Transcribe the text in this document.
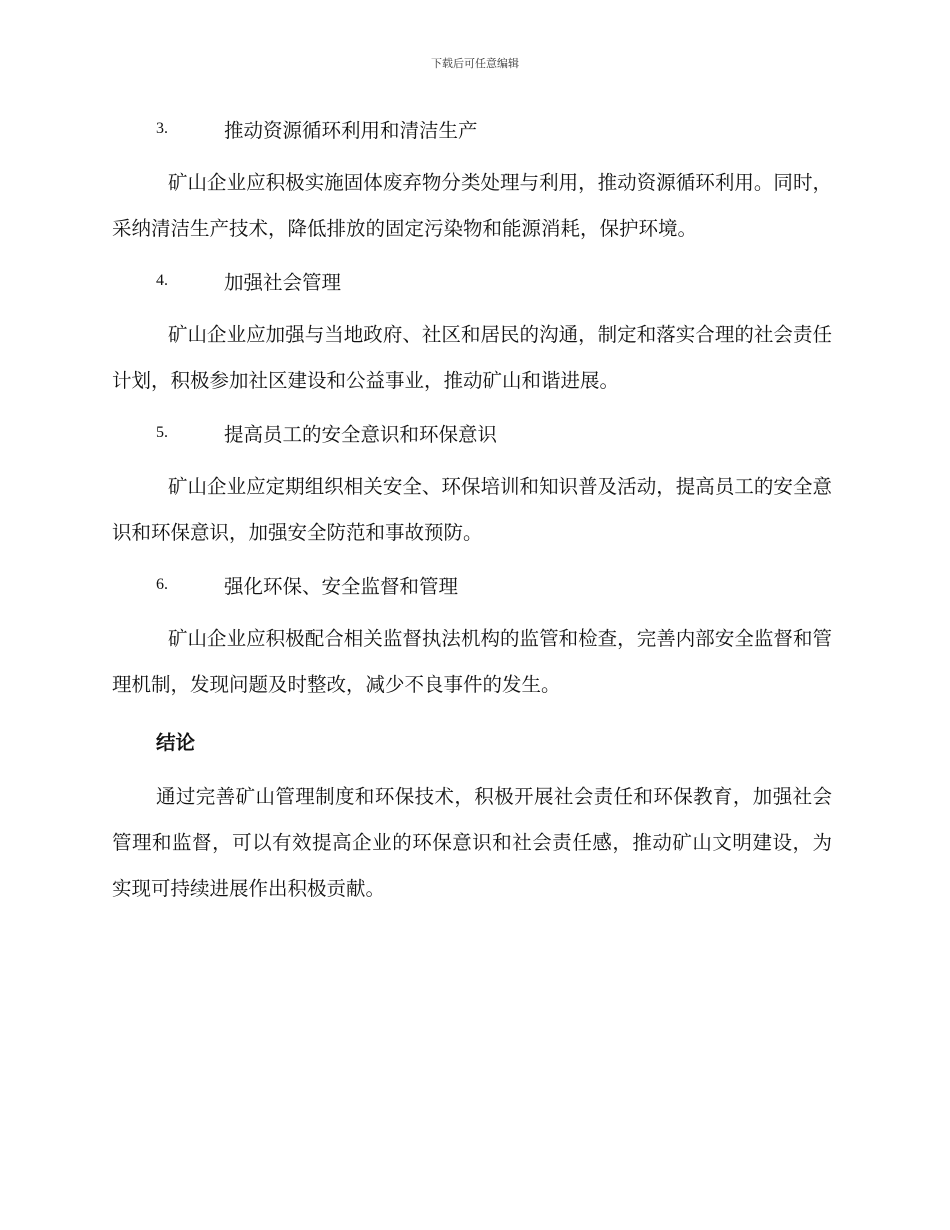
下载后可任意编辑
3.	推动资源循环利用和清洁生产

矿山企业应积极实施固体废弃物分类处理与利用，推动资源循环利用。同时，采纳清洁生产技术，降低排放的固定污染物和能源消耗，保护环境。

4.	加强社会管理

矿山企业应加强与当地政府、社区和居民的沟通，制定和落实合理的社会责任计划，积极参加社区建设和公益事业，推动矿山和谐进展。

5.	提高员工的安全意识和环保意识

矿山企业应定期组织相关安全、环保培训和知识普及活动，提高员工的安全意识和环保意识，加强安全防范和事故预防。

6.	强化环保、安全监督和管理

矿山企业应积极配合相关监督执法机构的监管和检查，完善内部安全监督和管理机制，发现问题及时整改，减少不良事件的发生。

结论

通过完善矿山管理制度和环保技术，积极开展社会责任和环保教育，加强社会管理和监督，可以有效提高企业的环保意识和社会责任感，推动矿山文明建设，为实现可持续进展作出积极贡献。
